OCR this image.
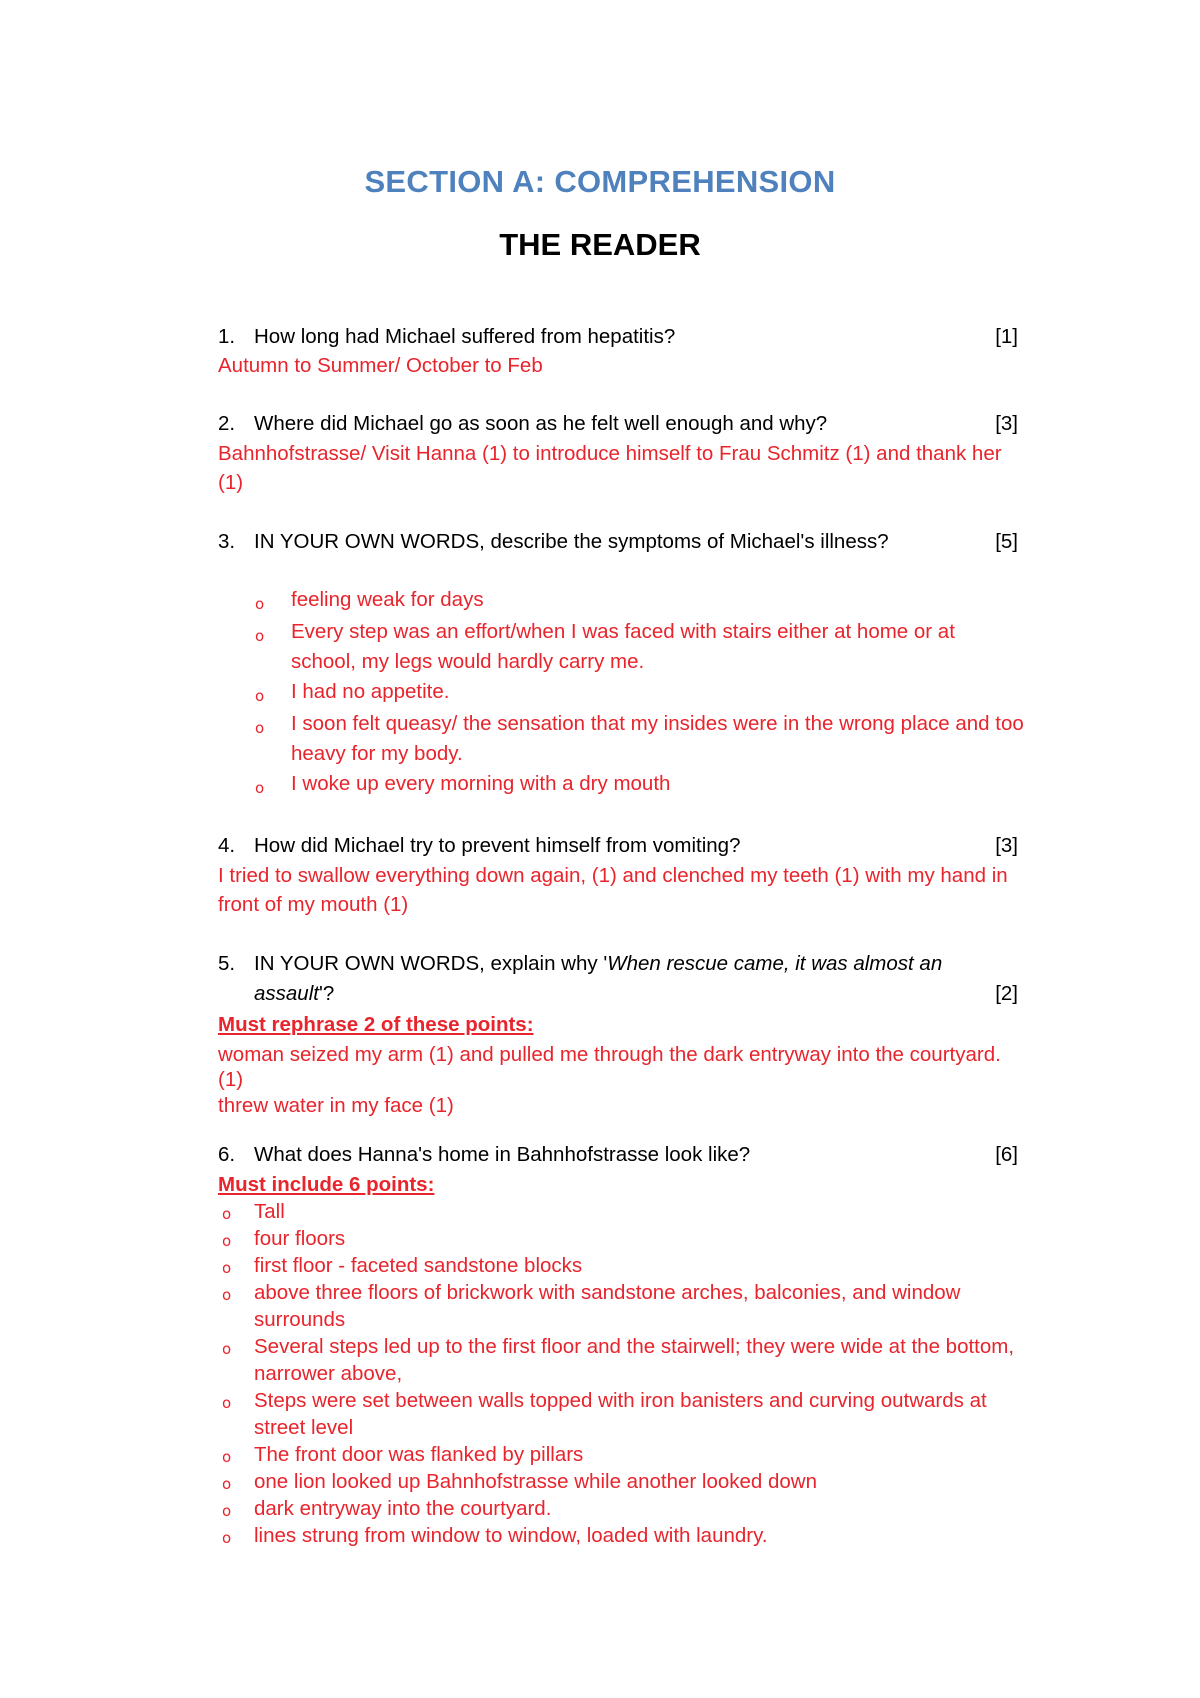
SECTION A: COMPREHENSION
THE READER
1. How long had Michael suffered from hepatitis?	[1]
Autumn to Summer/ October to Feb
2. Where did Michael go as soon as he felt well enough and why?	[3]
Bahnhofstrasse/ Visit Hanna (1) to introduce himself to Frau Schmitz (1) and thank her (1)
3. IN YOUR OWN WORDS, describe the symptoms of Michael's illness?	[5]
o feeling weak for days
o Every step was an effort/when I was faced with stairs either at home or at school, my legs would hardly carry me.
o I had no appetite.
o I soon felt queasy/ the sensation that my insides were in the wrong place and too heavy for my body.
o I woke up every morning with a dry mouth
4. How did Michael try to prevent himself from vomiting?	[3]
I tried to swallow everything down again, (1) and clenched my teeth (1) with my hand in front of my mouth (1)
5. IN YOUR OWN WORDS, explain why 'When rescue came, it was almost an assault'?	[2]
Must rephrase 2 of these points:
woman seized my arm (1) and pulled me through the dark entryway into the courtyard. (1)
threw water in my face (1)
6. What does Hanna's home in Bahnhofstrasse look like?	[6]
Must include 6 points:
o Tall
o four floors
o first floor - faceted sandstone blocks
o above three floors of brickwork with sandstone arches, balconies, and window surrounds
o Several steps led up to the first floor and the stairwell; they were wide at the bottom, narrower above,
o Steps were set between walls topped with iron banisters and curving outwards at street level
o The front door was flanked by pillars
o one lion looked up Bahnhofstrasse while another looked down
o dark entryway into the courtyard.
o lines strung from window to window, loaded with laundry.
